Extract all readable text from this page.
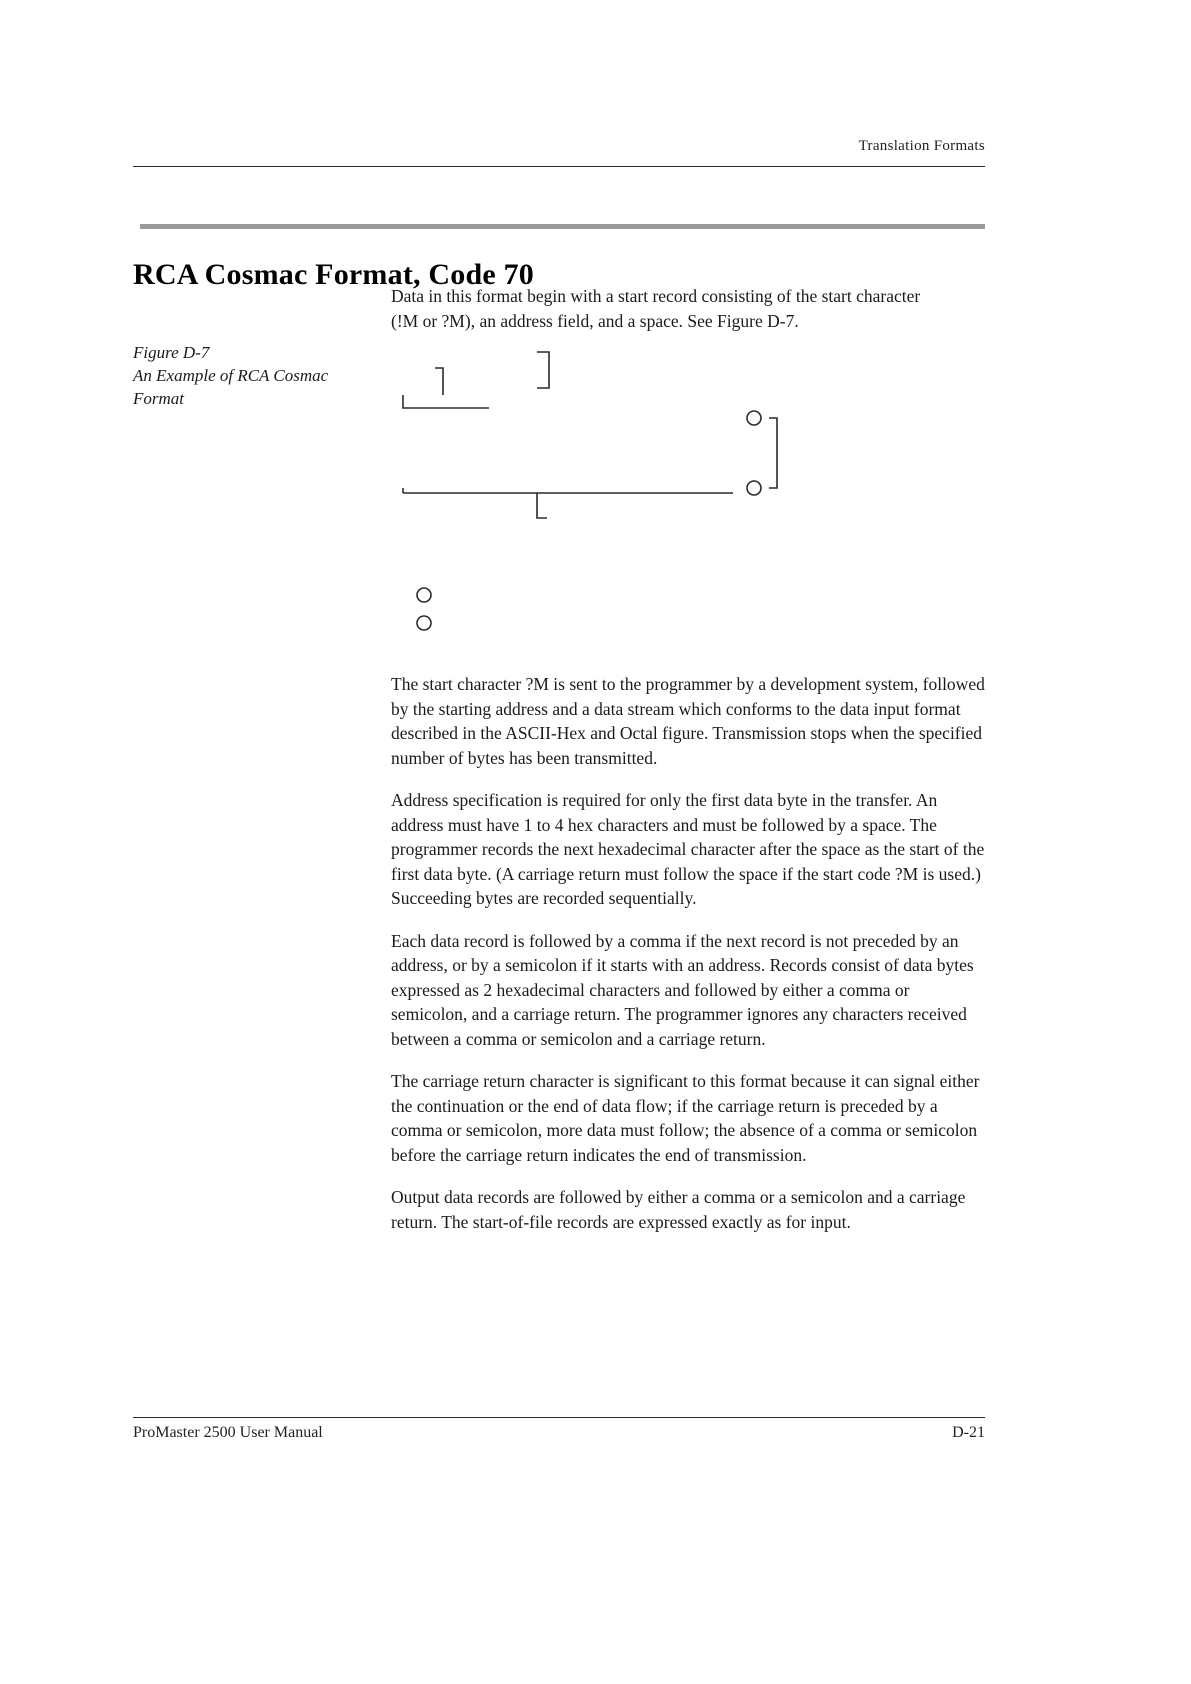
Translation Formats
RCA Cosmac Format, Code 70

Data in this format begin with a start record consisting of the start character (!M or ?M), an address field, and a space. See Figure D-7.

Figure D-7
An Example of RCA Cosmac
Format

The start character ?M is sent to the programmer by a development system, followed by the starting address and a data stream which conforms to the data input format described in the ASCII-Hex and Octal figure. Transmission stops when the specified number of bytes has been transmitted.

Address specification is required for only the first data byte in the transfer. An address must have 1 to 4 hex characters and must be followed by a space. The programmer records the next hexadecimal character after the space as the start of the first data byte. (A carriage return must follow the space if the start code ?M is used.) Succeeding bytes are recorded sequentially.

Each data record is followed by a comma if the next record is not preceded by an address, or by a semicolon if it starts with an address. Records consist of data bytes expressed as 2 hexadecimal characters and followed by either a comma or semicolon, and a carriage return. The programmer ignores any characters received between a comma or semicolon and a carriage return.

The carriage return character is significant to this format because it can signal either the continuation or the end of data flow; if the carriage return is preceded by a comma or semicolon, more data must follow; the absence of a comma or semicolon before the carriage return indicates the end of transmission.

Output data records are followed by either a comma or a semicolon and a carriage return. The start-of-file records are expressed exactly as for input.

ProMaster 2500 User Manual	D-21
